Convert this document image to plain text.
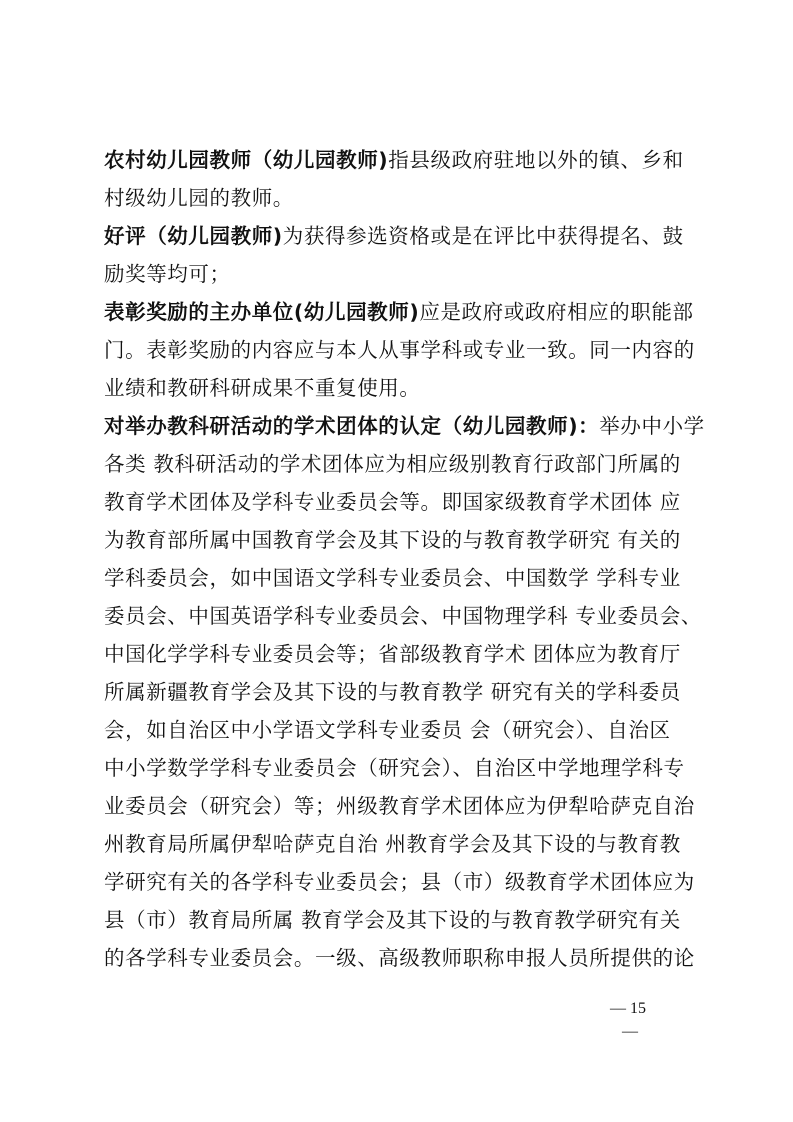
农村幼儿园教师（幼儿园教师)指县级政府驻地以外的镇、乡和
村级幼儿园的教师。
好评（幼儿园教师)为获得参选资格或是在评比中获得提名、鼓
励奖等均可；
表彰奖励的主办单位(幼儿园教师)应是政府或政府相应的职能部
门。表彰奖励的内容应与本人从事学科或专业一致。同一内容的
业绩和教研科研成果不重复使用。
对举办教科研活动的学术团体的认定（幼儿园教师)：举办中小学
各类 教科研活动的学术团体应为相应级别教育行政部门所属的
教育学术团体及学科专业委员会等。即国家级教育学术团体 应
为教育部所属中国教育学会及其下设的与教育教学研究 有关的
学科委员会，如中国语文学科专业委员会、中国数学 学科专业
委员会、中国英语学科专业委员会、中国物理学科 专业委员会、
中国化学学科专业委员会等；省部级教育学术 团体应为教育厅
所属新疆教育学会及其下设的与教育教学 研究有关的学科委员
会，如自治区中小学语文学科专业委员 会（研究会）、自治区
中小学数学学科专业委员会（研究会）、自治区中学地理学科专
业委员会（研究会）等；州级教育学术团体应为伊犁哈萨克自治
州教育局所属伊犁哈萨克自治 州教育学会及其下设的与教育教
学研究有关的各学科专业委员会；县（市）级教育学术团体应为
县（市）教育局所属 教育学会及其下设的与教育教学研究有关
的各学科专业委员会。一级、高级教师职称申报人员所提供的论
— 15
—
